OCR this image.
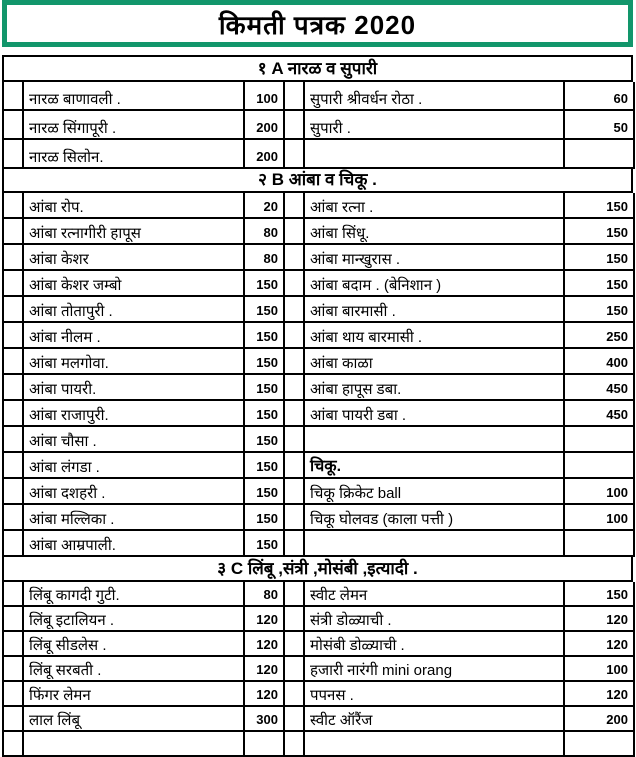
किमती पत्रक 2020
१ A नारळ व सुपारी
नारळ बाणावली .	100	सुपारी श्रीवर्धन रोठा .	60
नारळ सिंगापूरी .	200	सुपारी .	50
नारळ सिलोन.	200
२ B आंबा व चिकू .
आंबा रोप.	20	आंबा रत्ना .	150
आंबा रत्नागीरी हापूस	80	आंबा सिंधू.	150
आंबा केशर	80	आंबा मान्खुरास .	150
आंबा केशर जम्बो	150	आंबा बदाम . (बेनिशान )	150
आंबा तोतापुरी .	150	आंबा बारमासी .	150
आंबा नीलम .	150	आंबा थाय बारमासी .	250
आंबा मलगोवा.	150	आंबा काळा	400
आंबा पायरी.	150	आंबा हापूस डबा.	450
आंबा राजापुरी.	150	आंबा पायरी डबा .	450
आंबा चौसा .	150
आंबा लंगडा .	150	चिकू.
आंबा दशहरी .	150	चिकू क्रिकेट ball	100
आंबा मल्लिका .	150	चिकू घोलवड (काला पत्ती )	100
आंबा आम्रपाली.	150
३ C लिंबू ,संत्री ,मोसंबी ,इत्यादी .
लिंबू कागदी गुटी.	80	स्वीट लेमन	150
लिंबू इटालियन .	120	संत्री डोळ्याची .	120
लिंबू सीडलेस .	120	मोसंबी डोळ्याची .	120
लिंबू सरबती .	120	हजारी नारंगी mini orang	100
फिंगर लेमन	120	पपनस .	120
लाल लिंबू	300	स्वीट ऑरैंज	200
